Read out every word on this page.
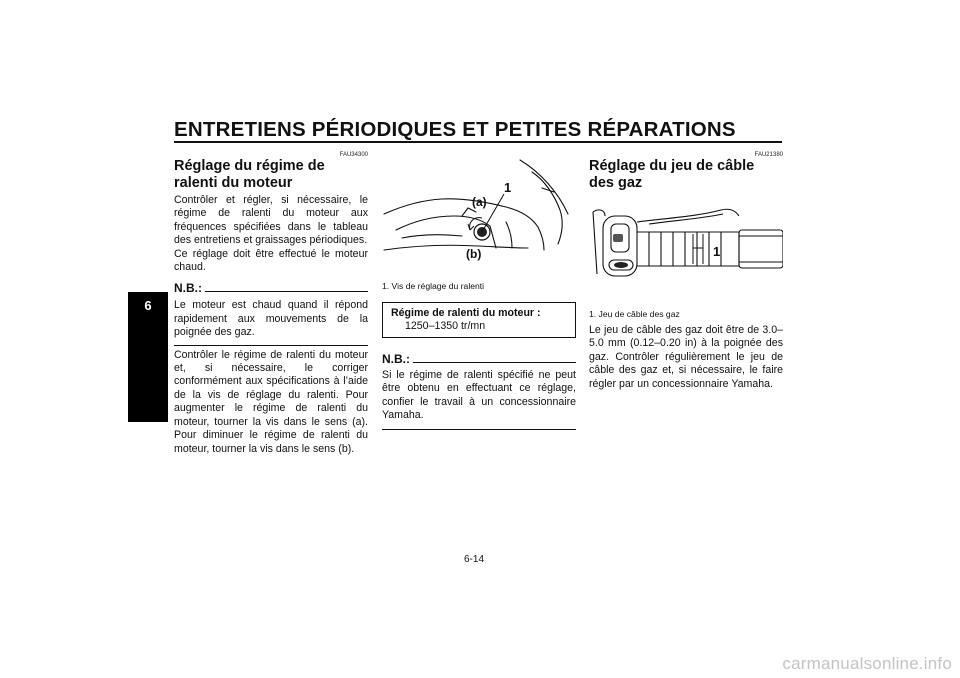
ENTRETIENS PÉRIODIQUES ET PETITES RÉPARATIONS
6
FAU34300
Réglage du régime de ralenti du moteur

Contrôler et régler, si nécessaire, le régime de ralenti du moteur aux fréquences spécifiées dans le tableau des entretiens et graissages périodiques.

Ce réglage doit être effectué le moteur chaud.

N.B.:
Le moteur est chaud quand il répond rapidement aux mouvements de la poignée des gaz.
Contrôler le régime de ralenti du moteur et, si nécessaire, le corriger conformément aux spécifications à l’aide de la vis de réglage du ralenti. Pour augmenter le régime de ralenti du moteur, tourner la vis dans le sens (a). Pour diminuer le régime de ralenti du moteur, tourner la vis dans le sens (b).
1
(a)
(b)
1. Vis de réglage du ralenti
Régime de ralenti du moteur :
1250–1350 tr/mn
N.B.:
Si le régime de ralenti spécifié ne peut être obtenu en effectuant ce réglage, confier le travail à un concessionnaire Yamaha.
FAU21380
Réglage du jeu de câble des gaz
1
1. Jeu de câble des gaz
Le jeu de câble des gaz doit être de 3.0–5.0 mm (0.12–0.20 in) à la poignée des gaz. Contrôler régulièrement le jeu de câble des gaz et, si nécessaire, le faire régler par un concessionnaire Yamaha.
6-14
carmanualsonline.info
